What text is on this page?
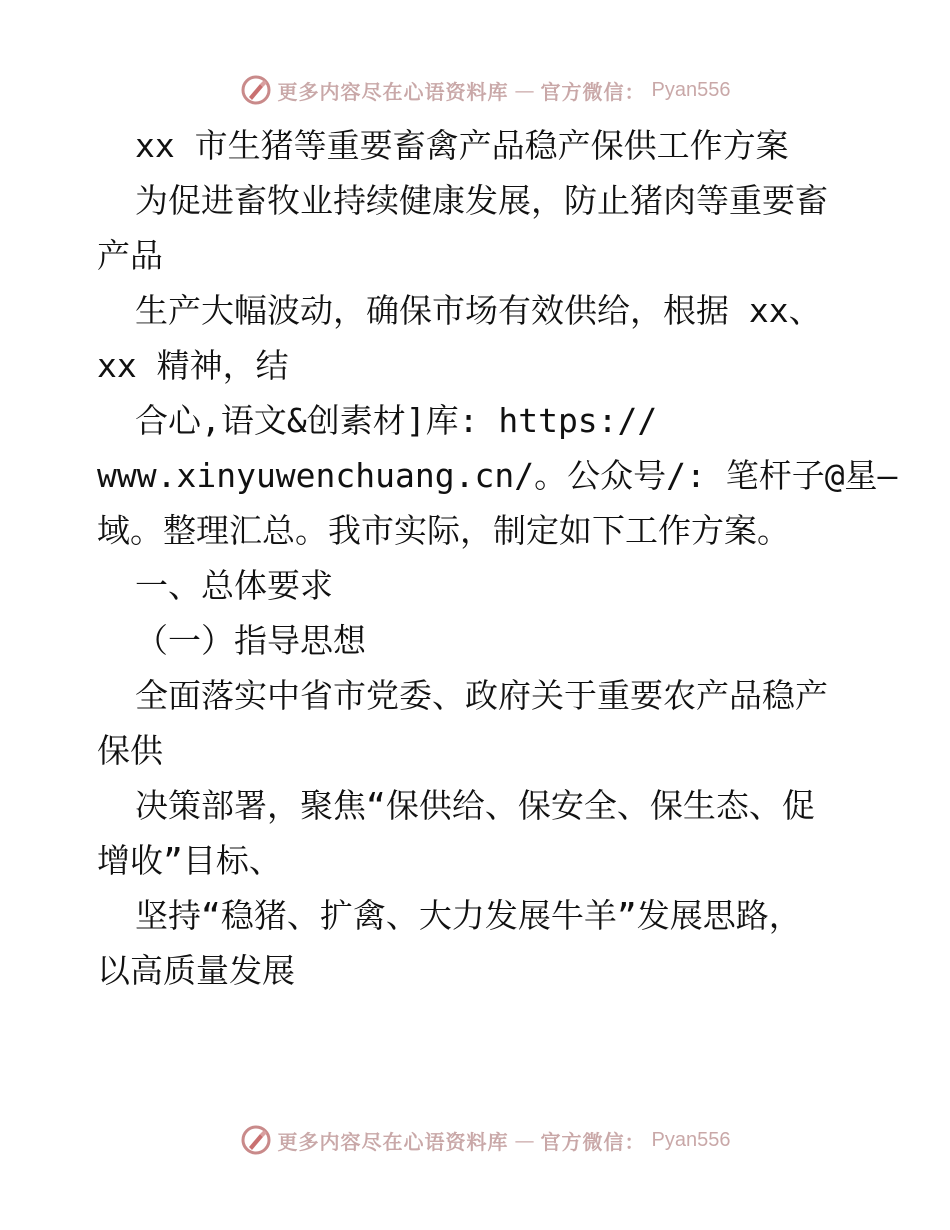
更多内容尽在心语资料库 — 官方微信： Pyan556
xx 市生猪等重要畜禽产品稳产保供工作方案
为促进畜牧业持续健康发展，防止猪肉等重要畜
产品
生产大幅波动，确保市场有效供给，根据 xx、
xx 精神，结
合心,语文&创素材]库: https://
www.xinyuwenchuang.cn/。公众号/: 笔杆子@星—
域。整理汇总。我市实际，制定如下工作方案。
一、总体要求
（一）指导思想
全面落实中省市党委、政府关于重要农产品稳产
保供
决策部署，聚焦“保供给、保安全、保生态、促
增收”目标、
坚持“稳猪、扩禽、大力发展牛羊”发展思路，
以高质量发展
更多内容尽在心语资料库 — 官方微信： Pyan556
